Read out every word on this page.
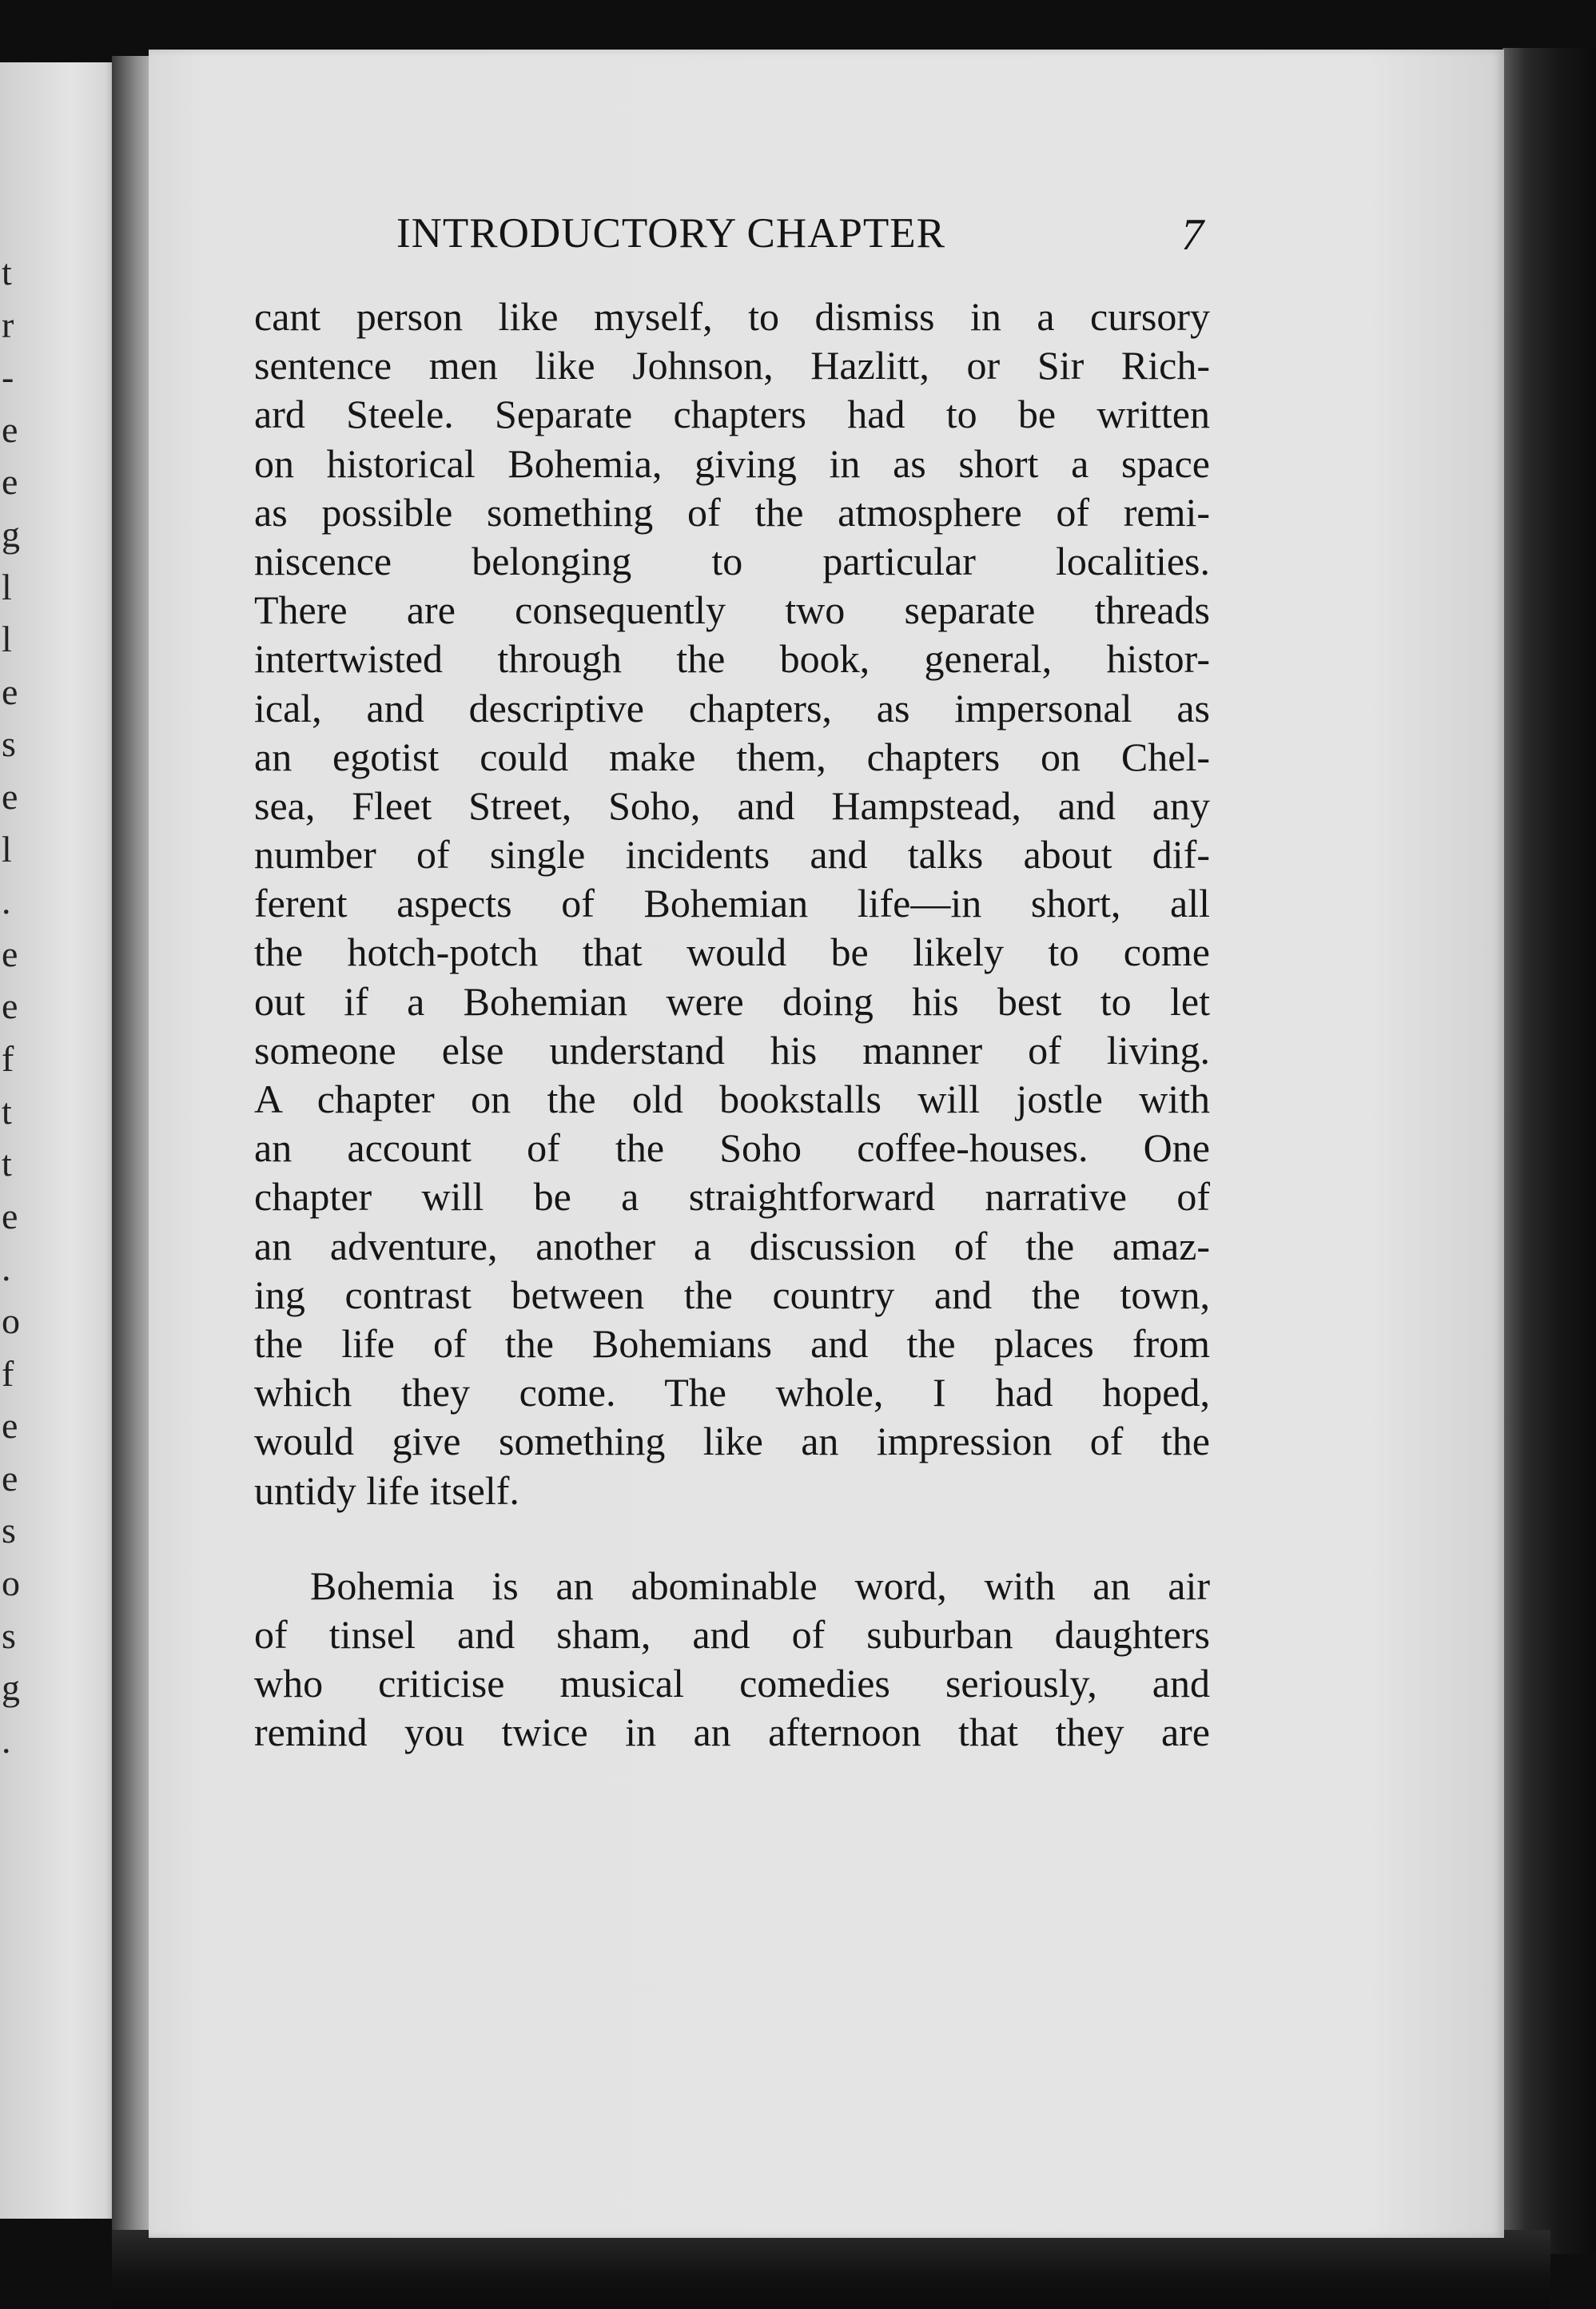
t
r
-
e
e
g
l
l
e
s
e
l
.
e
e
f
t
t
e
.
o
f
e
e
s
o
s
g
.
INTRODUCTORY CHAPTER	7
cant person like myself, to dismiss in a cursory
sentence men like Johnson, Hazlitt, or Sir Rich-
ard Steele. Separate chapters had to be written
on historical Bohemia, giving in as short a space
as possible something of the atmosphere of remi-
niscence belonging to particular localities.
There are consequently two separate threads
intertwisted through the book, general, histor-
ical, and descriptive chapters, as impersonal as
an egotist could make them, chapters on Chel-
sea, Fleet Street, Soho, and Hampstead, and any
number of single incidents and talks about dif-
ferent aspects of Bohemian life—in short, all
the hotch-potch that would be likely to come
out if a Bohemian were doing his best to let
someone else understand his manner of living.
A chapter on the old bookstalls will jostle with
an account of the Soho coffee-houses. One
chapter will be a straightforward narrative of
an adventure, another a discussion of the amaz-
ing contrast between the country and the town,
the life of the Bohemians and the places from
which they come. The whole, I had hoped,
would give something like an impression of the
untidy life itself.
Bohemia is an abominable word, with an air
of tinsel and sham, and of suburban daughters
who criticise musical comedies seriously, and
remind you twice in an afternoon that they are
